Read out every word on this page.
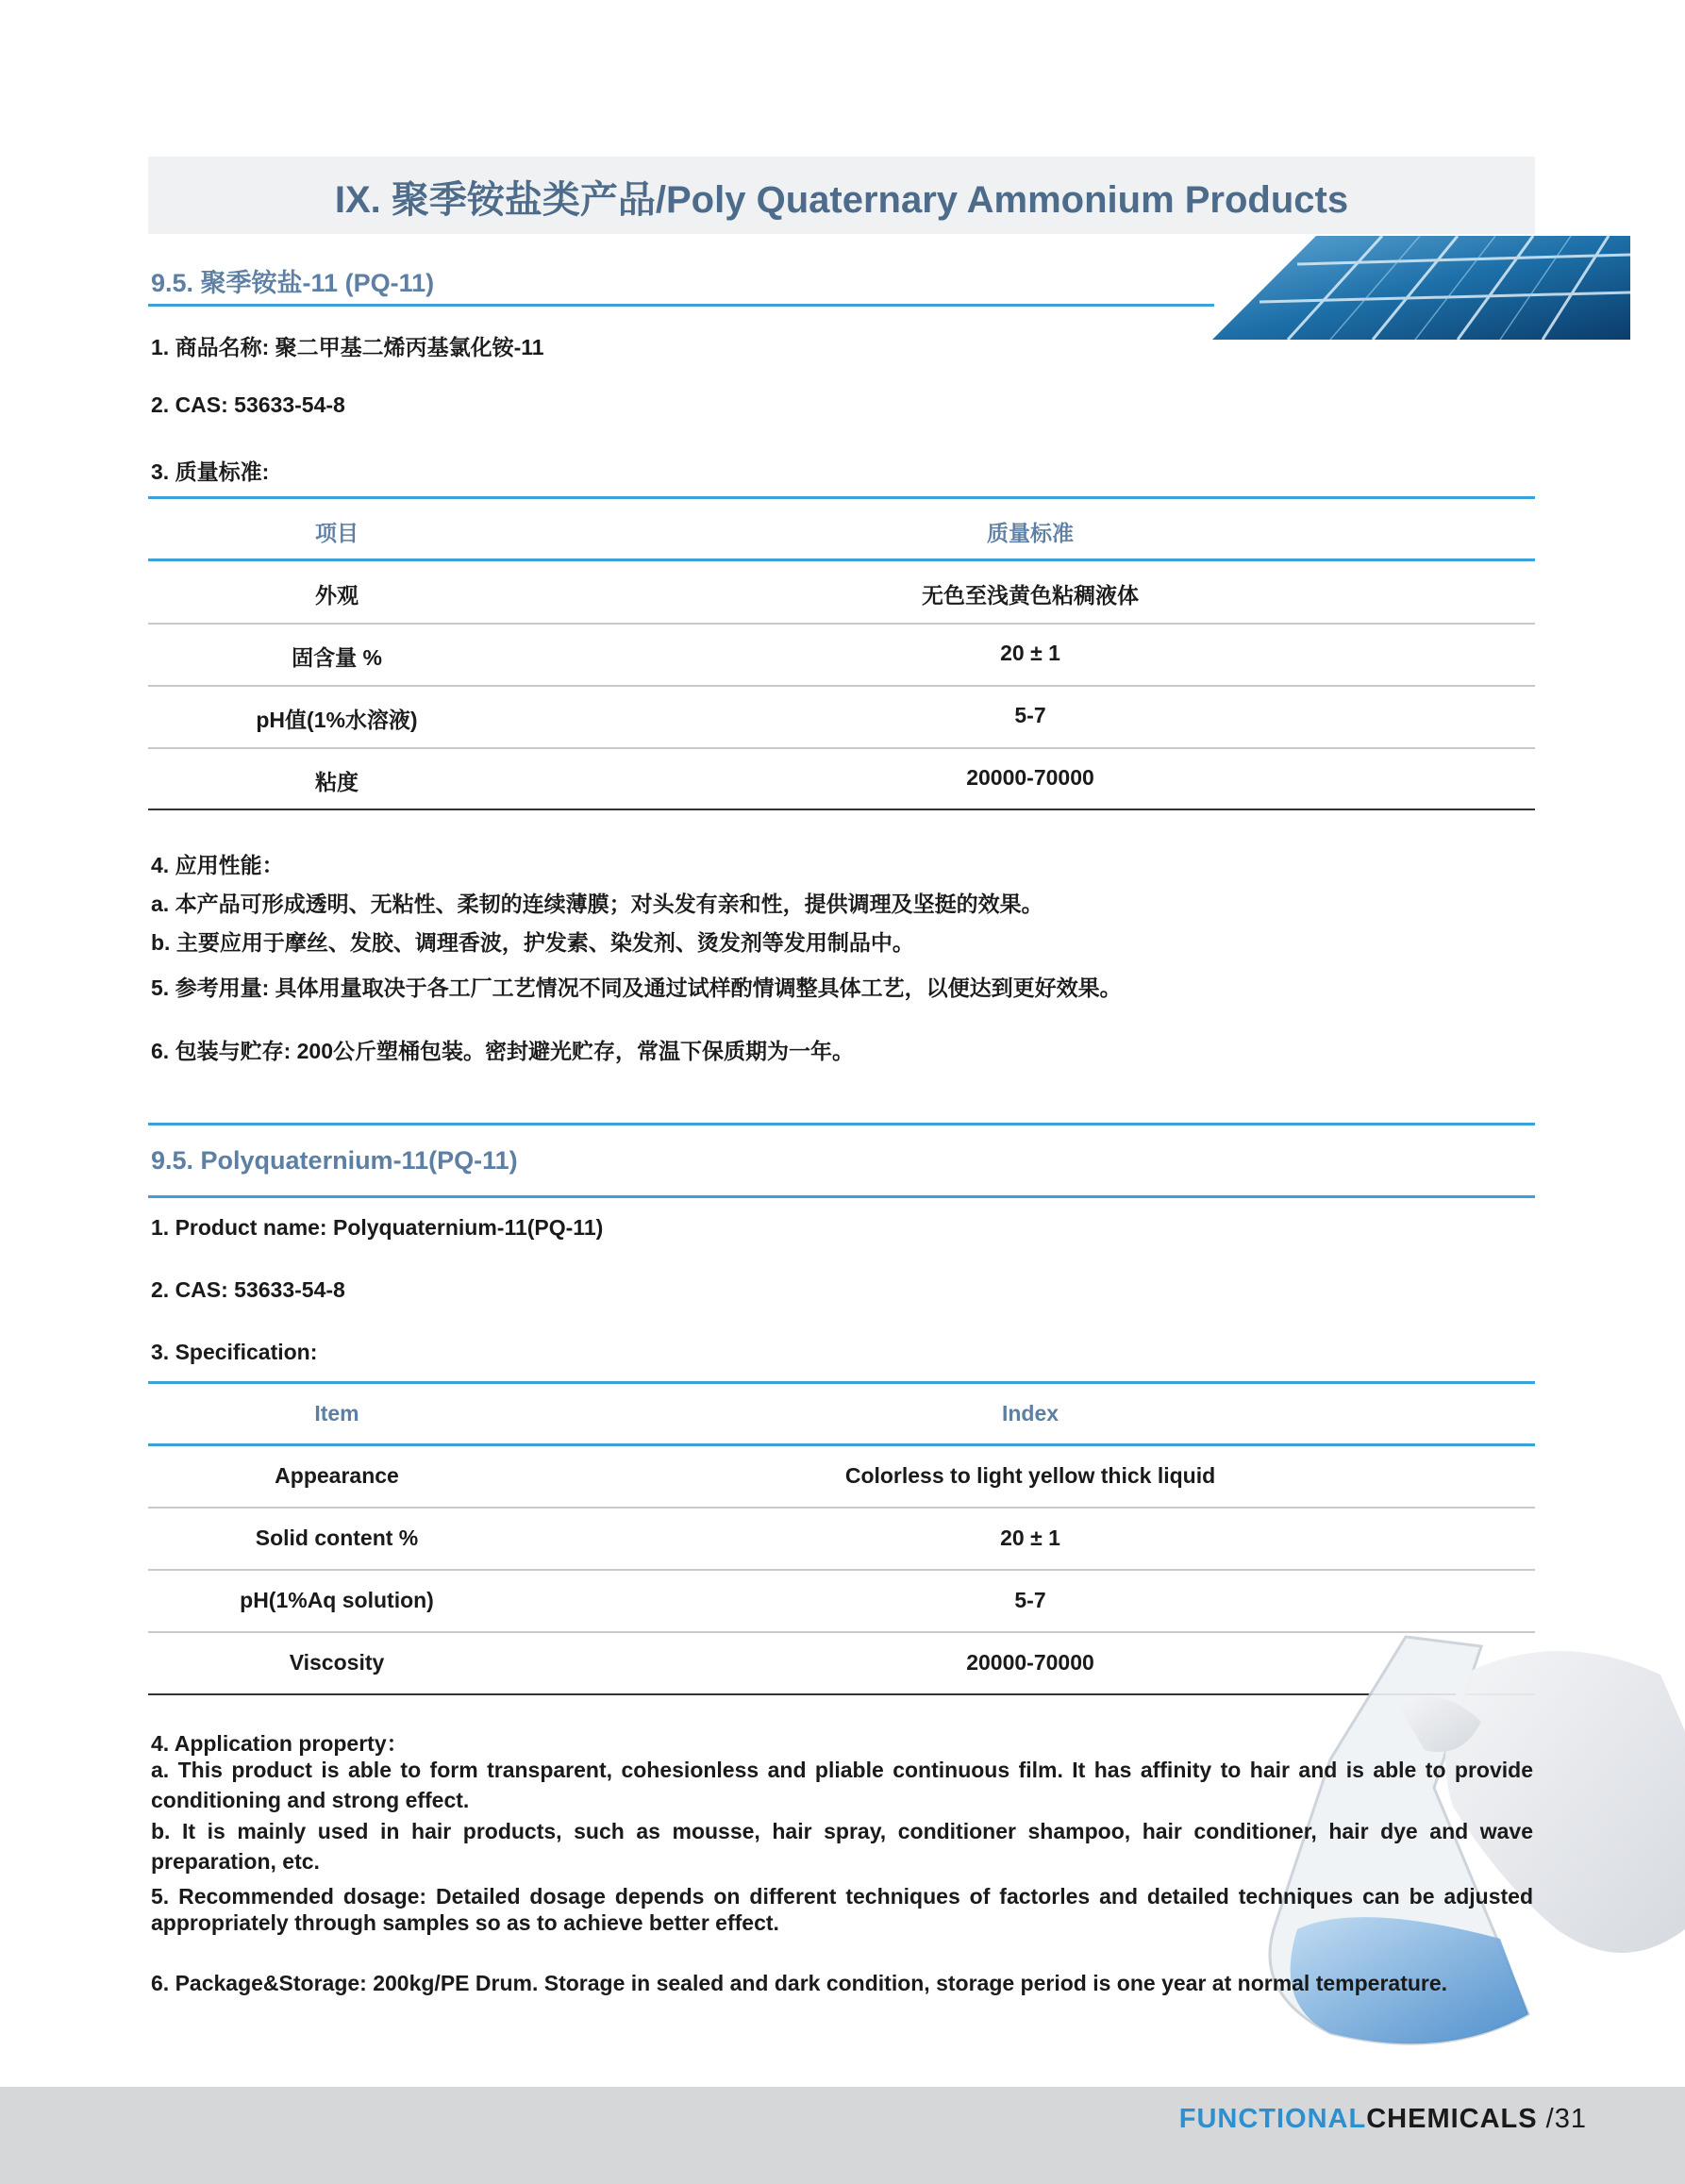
IX. 聚季铵盐类产品/Poly Quaternary Ammonium Products
9.5. 聚季铵盐-11 (PQ-11)
1. 商品名称: 聚二甲基二烯丙基氯化铵-11
2. CAS: 53633-54-8
3. 质量标准:
项目	质量标准
外观	无色至浅黄色粘稠液体
固含量 %	20 ± 1
pH值(1%水溶液)	5-7
粘度	20000-70000
4. 应用性能：
a. 本产品可形成透明、无粘性、柔韧的连续薄膜；对头发有亲和性，提供调理及坚挺的效果。
b. 主要应用于摩丝、发胶、调理香波，护发素、染发剂、烫发剂等发用制品中。
5. 参考用量: 具体用量取决于各工厂工艺情况不同及通过试样酌情调整具体工艺，以便达到更好效果。
6. 包装与贮存: 200公斤塑桶包装。密封避光贮存，常温下保质期为一年。
9.5. Polyquaternium-11(PQ-11)
1. Product name: Polyquaternium-11(PQ-11)
2. CAS: 53633-54-8
3. Specification:
Item	Index
Appearance	Colorless to light yellow thick liquid
Solid content %	20 ± 1
pH(1%Aq solution)	5-7
Viscosity	20000-70000
4. Application property：
a. This product is able to form transparent, cohesionless and pliable continuous film. It has affinity to hair and is able to provide conditioning and strong effect.
b. It is mainly used in hair products, such as mousse, hair spray, conditioner shampoo, hair conditioner, hair dye and wave preparation, etc.
5. Recommended dosage: Detailed dosage depends on different techniques of factorles and detailed techniques can be adjusted appropriately through samples so as to achieve better effect.
6. Package&Storage: 200kg/PE Drum. Storage in sealed and dark condition, storage period is one year at normal temperature.
FUNCTIONALCHEMICALS /31
